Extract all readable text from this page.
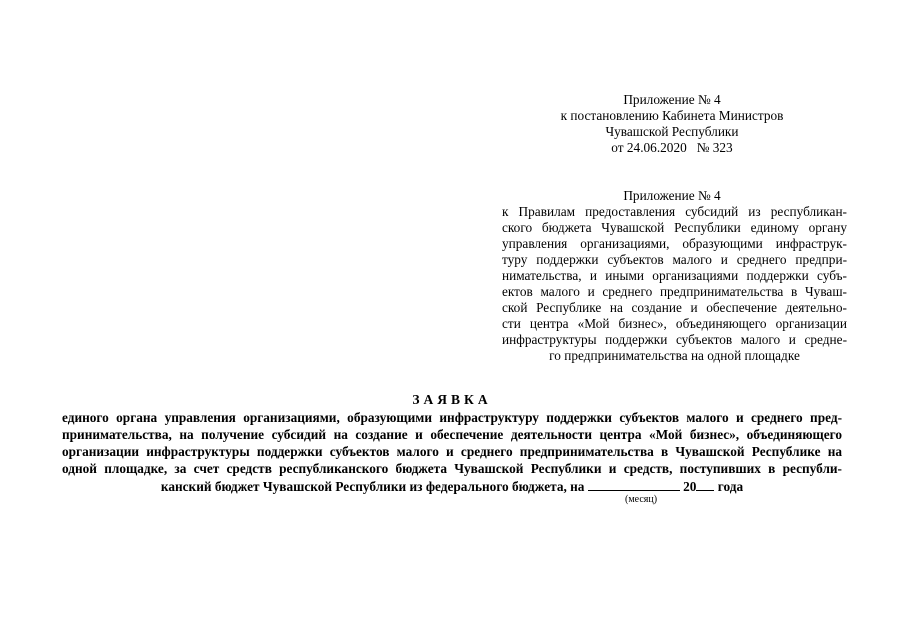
Приложение № 4
к постановлению Кабинета Министров
Чувашской Республики
от 24.06.2020 № 323
Приложение № 4
к Правилам предоставления субсидий из республикан-
ского бюджета Чувашской Республики единому органу
управления организациями, образующими инфраструк-
туру поддержки субъектов малого и среднего предпри-
нимательства, и иными организациями поддержки субъ-
ектов малого и среднего предпринимательства в Чуваш-
ской Республике на создание и обеспечение деятельно-
сти центра «Мой бизнес», объединяющего организации
инфраструктуры поддержки субъектов малого и средне-
го предпринимательства на одной площадке
ЗАЯВКА
единого органа управления организациями, образующими инфраструктуру поддержки субъектов малого и среднего пред-
принимательства, на получение субсидий на создание и обеспечение деятельности центра «Мой бизнес», объединяющего
организации инфраструктуры поддержки субъектов малого и среднего предпринимательства в Чувашской Республике на
одной площадке, за счет средств республиканского бюджета Чувашской Республики и средств, поступивших в республи-
канский бюджет Чувашской Республики из федерального бюджета, на	20 года
(месяц)
